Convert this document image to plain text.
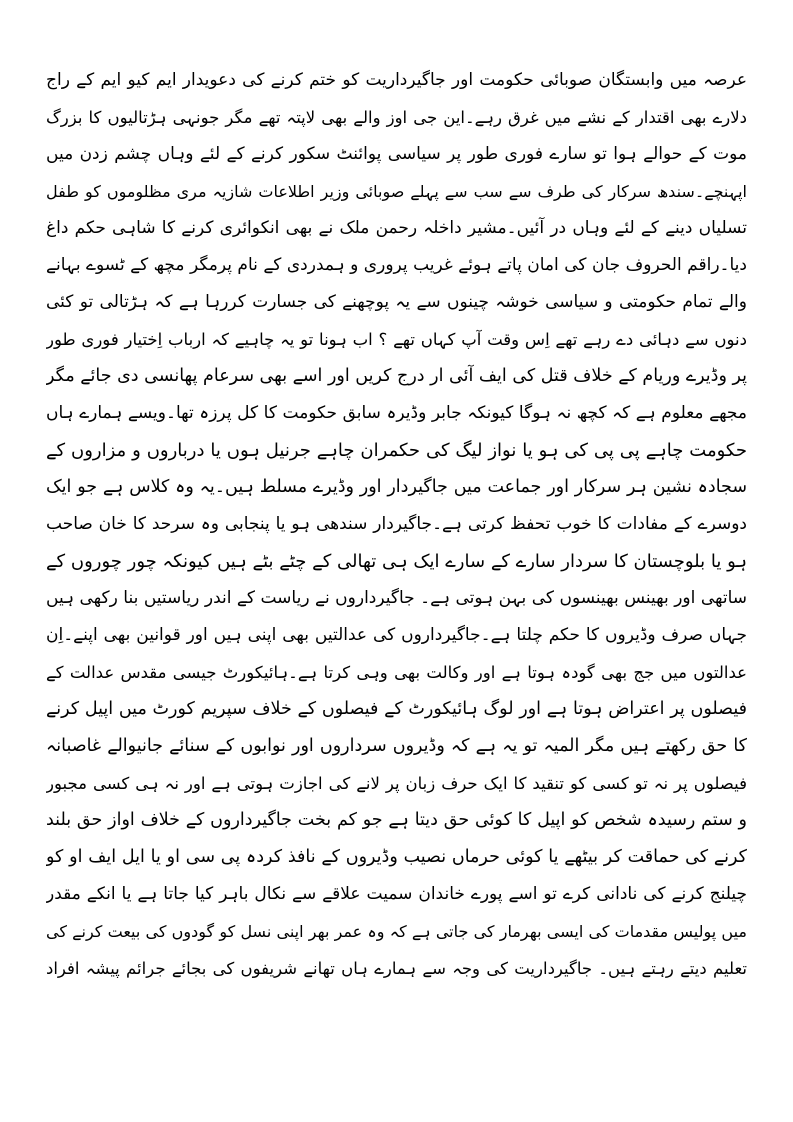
عرصہ میں وابستگان صوبائی حکومت اور جاگیرداریت کو ختم کرنے کی دعویدار ایم کیو ایم کے راج
دلارے بھی اقتدار کے نشے میں غرق رہے۔این جی اوز والے بھی لاپتہ تھے مگر جونہی ہڑتالیوں کا بزرگ
موت کے حوالے ہوا تو سارے فوری طور پر سیاسی پوائنٹ سکور کرنے کے لئے وہاں چشم زدن میں
اپہنچے۔سندھ سرکار کی طرف سے سب سے پہلے صوبائی وزیر اطلاعات شازیہ مری مظلوموں کو طفل
تسلیاں دینے کے لئے وہاں در آئیں۔مشیر داخلہ رحمن ملک نے بھی انکوائری کرنے کا شاہی حکم داغ
دیا۔راقم الحروف جان کی امان پاتے ہوئے غریب پروری و ہمدردی کے نام پرمگر مچھ کے ٹسوے بہانے
والے تمام حکومتی و سیاسی خوشہ چینوں سے یہ پوچھنے کی جسارت کررہا ہے کہ ہڑتالی تو کئی
دنوں سے دہائی دے رہے تھے اِس وقت آپ کہاں تھے ؟ اب ہونا تو یہ چاہیے کہ ارباب اِختیار فوری طور
پر وڈیرے وریام کے خلاف قتل کی ایف آئی ار درج کریں اور اسے بھی سرعام پھانسی دی جائے مگر
مجھے معلوم ہے کہ کچھ نہ ہوگا کیونکہ جابر وڈیرہ سابق حکومت کا کل پرزہ تھا۔ویسے ہمارے ہاں
حکومت چاہے پی پی کی ہو یا نواز لیگ کی حکمران چاہے جرنیل ہوں یا درباروں و مزاروں کے
سجادہ نشین ہر سرکار اور جماعت میں جاگیردار اور وڈیرے مسلط ہیں۔یہ وہ کلاس ہے جو ایک
دوسرے کے مفادات کا خوب تحفظ کرتی ہے۔جاگیردار سندھی ہو یا پنجابی وہ سرحد کا خان صاحب
ہو یا بلوچستان کا سردار سارے کے سارے ایک ہی تھالی کے چٹے بٹے ہیں کیونکہ چور چوروں کے
ساتھی اور بھینس بھینسوں کی بہن ہوتی ہے۔ جاگیرداروں نے ریاست کے اندر ریاستیں بنا رکھی ہیں
جہاں صرف وڈیروں کا حکم چلتا ہے۔جاگیرداروں کی عدالتیں بھی اپنی ہیں اور قوانین بھی اپنے۔اِن
عدالتوں میں جج بھی گودہ ہوتا ہے اور وکالت بھی وہی کرتا ہے۔ہائیکورٹ جیسی مقدس عدالت کے
فیصلوں پر اعتراض ہوتا ہے اور لوگ ہائیکورٹ کے فیصلوں کے خلاف سپریم کورٹ میں اپیل کرنے
کا حق رکھتے ہیں مگر المیہ تو یہ ہے کہ وڈیروں سرداروں اور نوابوں کے سنائے جانیوالے غاصبانہ
فیصلوں پر نہ تو کسی کو تنقید کا ایک حرف زبان پر لانے کی اجازت ہوتی ہے اور نہ ہی کسی مجبور
و ستم رسیدہ شخص کو اپیل کا کوئی حق دیتا ہے جو کم بخت جاگیرداروں کے خلاف اواز حق بلند
کرنے کی حماقت کر بیٹھے یا کوئی حرماں نصیب وڈیروں کے نافذ کردہ پی سی او یا ایل ایف او کو
چیلنج کرنے کی نادانی کرے تو اسے پورے خاندان سمیت علاقے سے نکال باہر کیا جاتا ہے یا انکے مقدر
میں پولیس مقدمات کی ایسی بھرمار کی جاتی ہے کہ وہ عمر بھر اپنی نسل کو گودوں کی بیعت کرنے کی
تعلیم دیتے رہتے ہیں۔ جاگیرداریت کی وجہ سے ہمارے ہاں تھانے شریفوں کی بجائے جرائم پیشہ افراد
